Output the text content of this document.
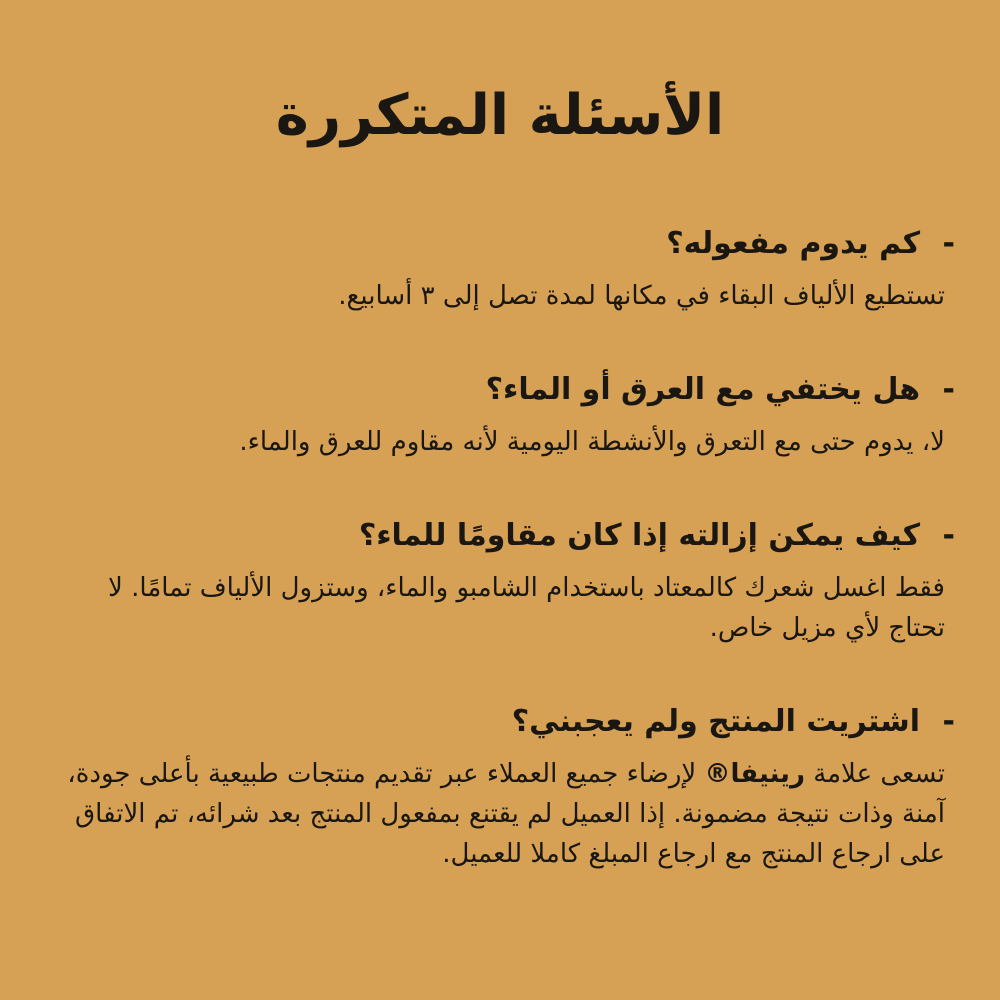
الأسئلة المتكررة
- كم يدوم مفعوله؟

تستطيع الألياف البقاء في مكانها لمدة تصل إلى ٣ أسابيع.

- هل يختفي مع العرق أو الماء؟

لا، يدوم حتى مع التعرق والأنشطة اليومية لأنه مقاوم للعرق والماء.

- كيف يمكن إزالته إذا كان مقاومًا للماء؟

فقط اغسل شعرك كالمعتاد باستخدام الشامبو والماء، وستزول الألياف تمامًا. لا تحتاج لأي مزيل خاص.

- اشتريت المنتج ولم يعجبني؟

تسعى علامة رينيفا® لإرضاء جميع العملاء عبر تقديم منتجات طبيعية بأعلى جودة، آمنة وذات نتيجة مضمونة. إذا العميل لم يقتنع بمفعول المنتج بعد شرائه، تم الاتفاق على ارجاع المنتج مع ارجاع المبلغ كاملا للعميل.
